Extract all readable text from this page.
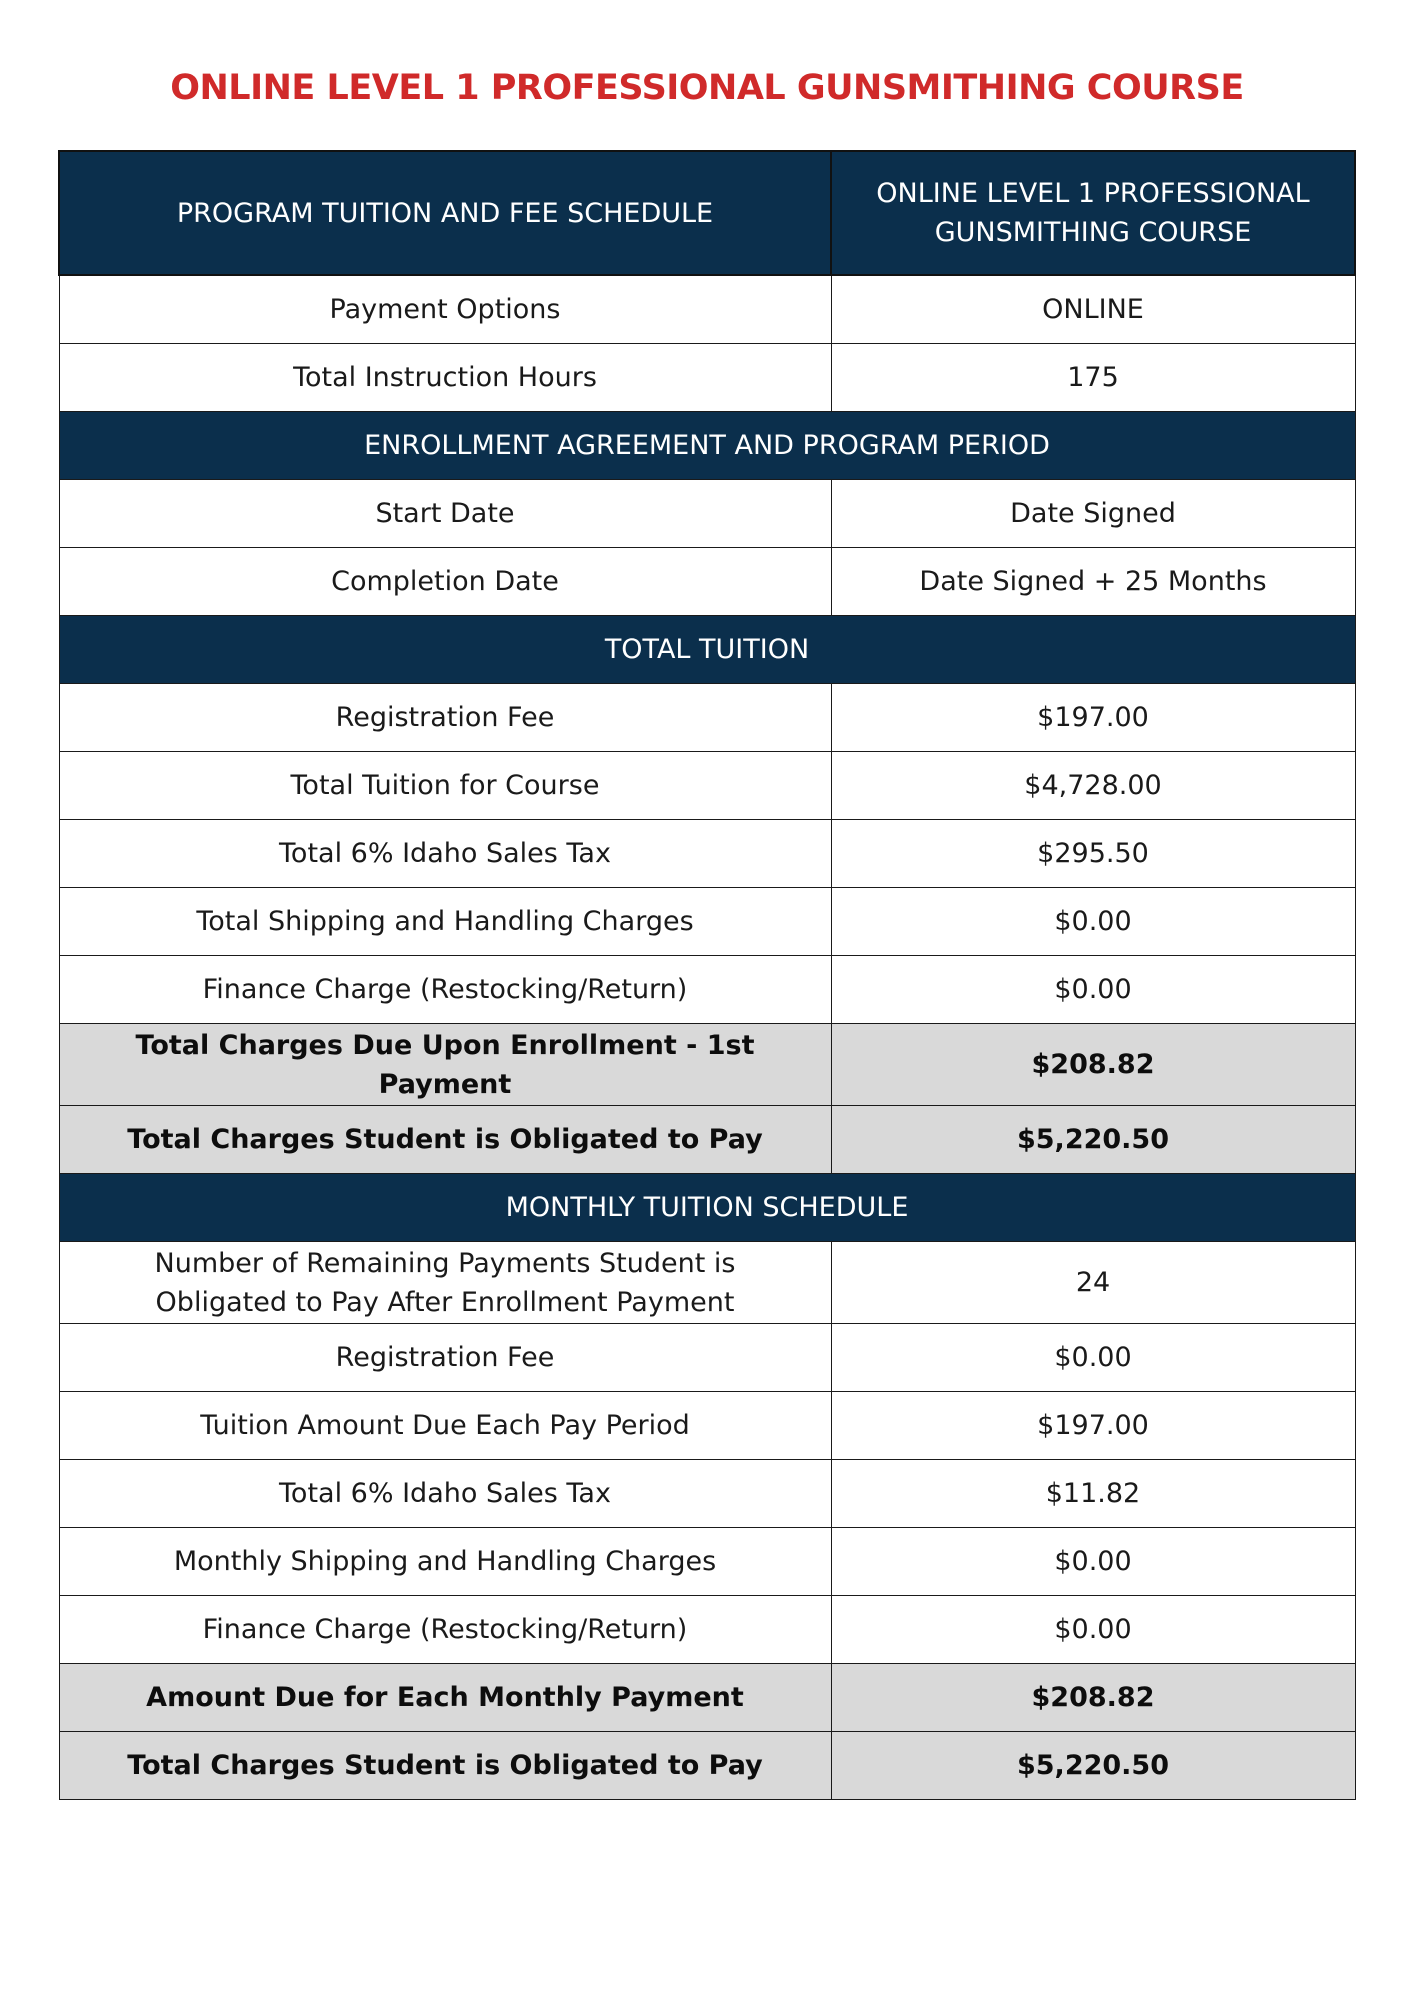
ONLINE LEVEL 1 PROFESSIONAL GUNSMITHING COURSE
PROGRAM TUITION AND FEE SCHEDULE	ONLINE LEVEL 1 PROFESSIONAL GUNSMITHING COURSE
Payment Options	ONLINE
Total Instruction Hours	175
ENROLLMENT AGREEMENT AND PROGRAM PERIOD	
Start Date	Date Signed
Completion Date	Date Signed + 25 Months
TOTAL TUITION	
Registration Fee	$197.00
Total Tuition for Course	$4,728.00
Total 6% Idaho Sales Tax	$295.50
Total Shipping and Handling Charges	$0.00
Finance Charge (Restocking/Return)	$0.00
Total Charges Due Upon Enrollment - 1st Payment	$208.82
Total Charges Student is Obligated to Pay	$5,220.50
MONTHLY TUITION SCHEDULE	
Number of Remaining Payments Student is Obligated to Pay After Enrollment Payment	24
Registration Fee	$0.00
Tuition Amount Due Each Pay Period	$197.00
Total 6% Idaho Sales Tax	$11.82
Monthly Shipping and Handling Charges	$0.00
Finance Charge (Restocking/Return)	$0.00
Amount Due for Each Monthly Payment	$208.82
Total Charges Student is Obligated to Pay	$5,220.50
